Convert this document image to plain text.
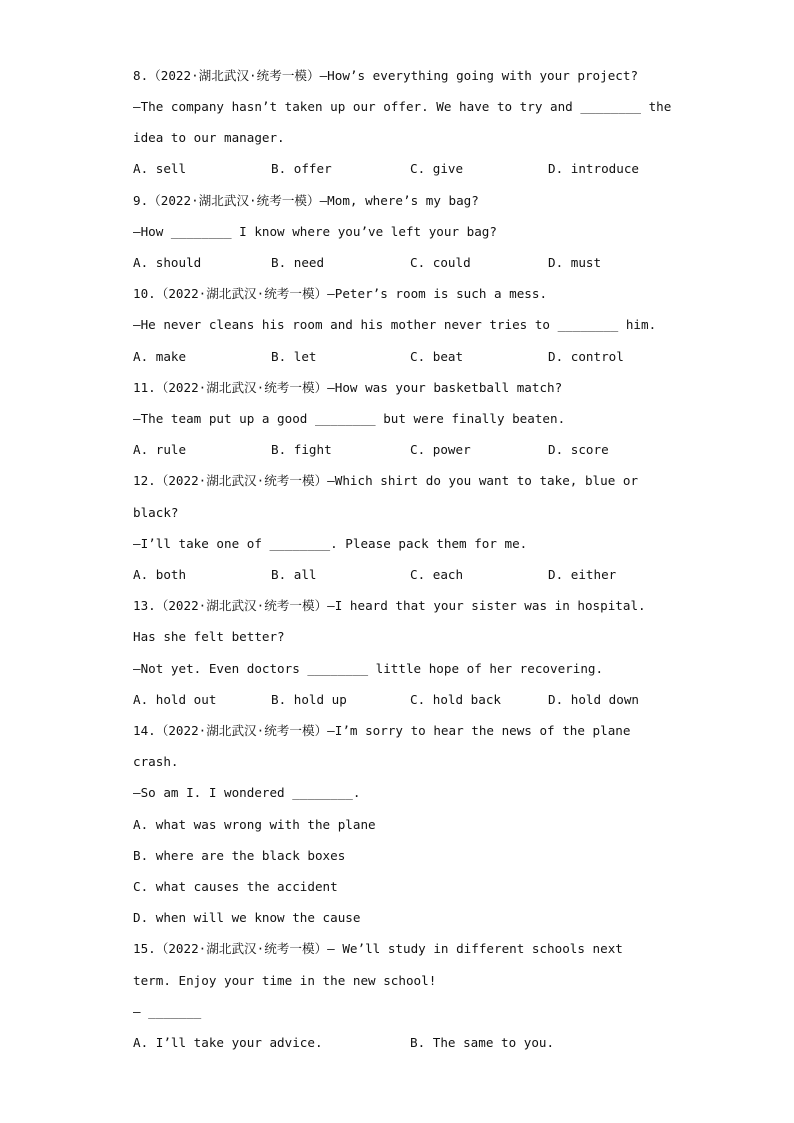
8.（2022·湖北武汉·统考一模）—How’s everything going with your project?
—The company hasn’t taken up our offer. We have to try and ________ the
idea to our manager.
A. sell	B. offer	C. give	D. introduce
9.（2022·湖北武汉·统考一模）—Mom, where’s my bag?
—How ________ I know where you’ve left your bag?
A. should	B. need	C. could	D. must
10.（2022·湖北武汉·统考一模）—Peter’s room is such a mess.
—He never cleans his room and his mother never tries to ________ him.
A. make	B. let	C. beat	D. control
11.（2022·湖北武汉·统考一模）—How was your basketball match?
—The team put up a good ________ but were finally beaten.
A. rule	B. fight	C. power	D. score
12.（2022·湖北武汉·统考一模）—Which shirt do you want to take, blue or
black?
—I’ll take one of ________. Please pack them for me.
A. both	B. all	C. each	D. either
13.（2022·湖北武汉·统考一模）—I heard that your sister was in hospital.
Has she felt better?
—Not yet. Even doctors ________ little hope of her recovering.
A. hold out	B. hold up	C. hold back	D. hold down
14.（2022·湖北武汉·统考一模）—I’m sorry to hear the news of the plane
crash.
—So am I. I wondered ________.
A. what was wrong with the plane
B. where are the black boxes
C. what causes the accident
D. when will we know the cause
15.（2022·湖北武汉·统考一模）— We’ll study in different schools next
term. Enjoy your time in the new school!
— _______
A. I’ll take your advice.	B. The same to you.
